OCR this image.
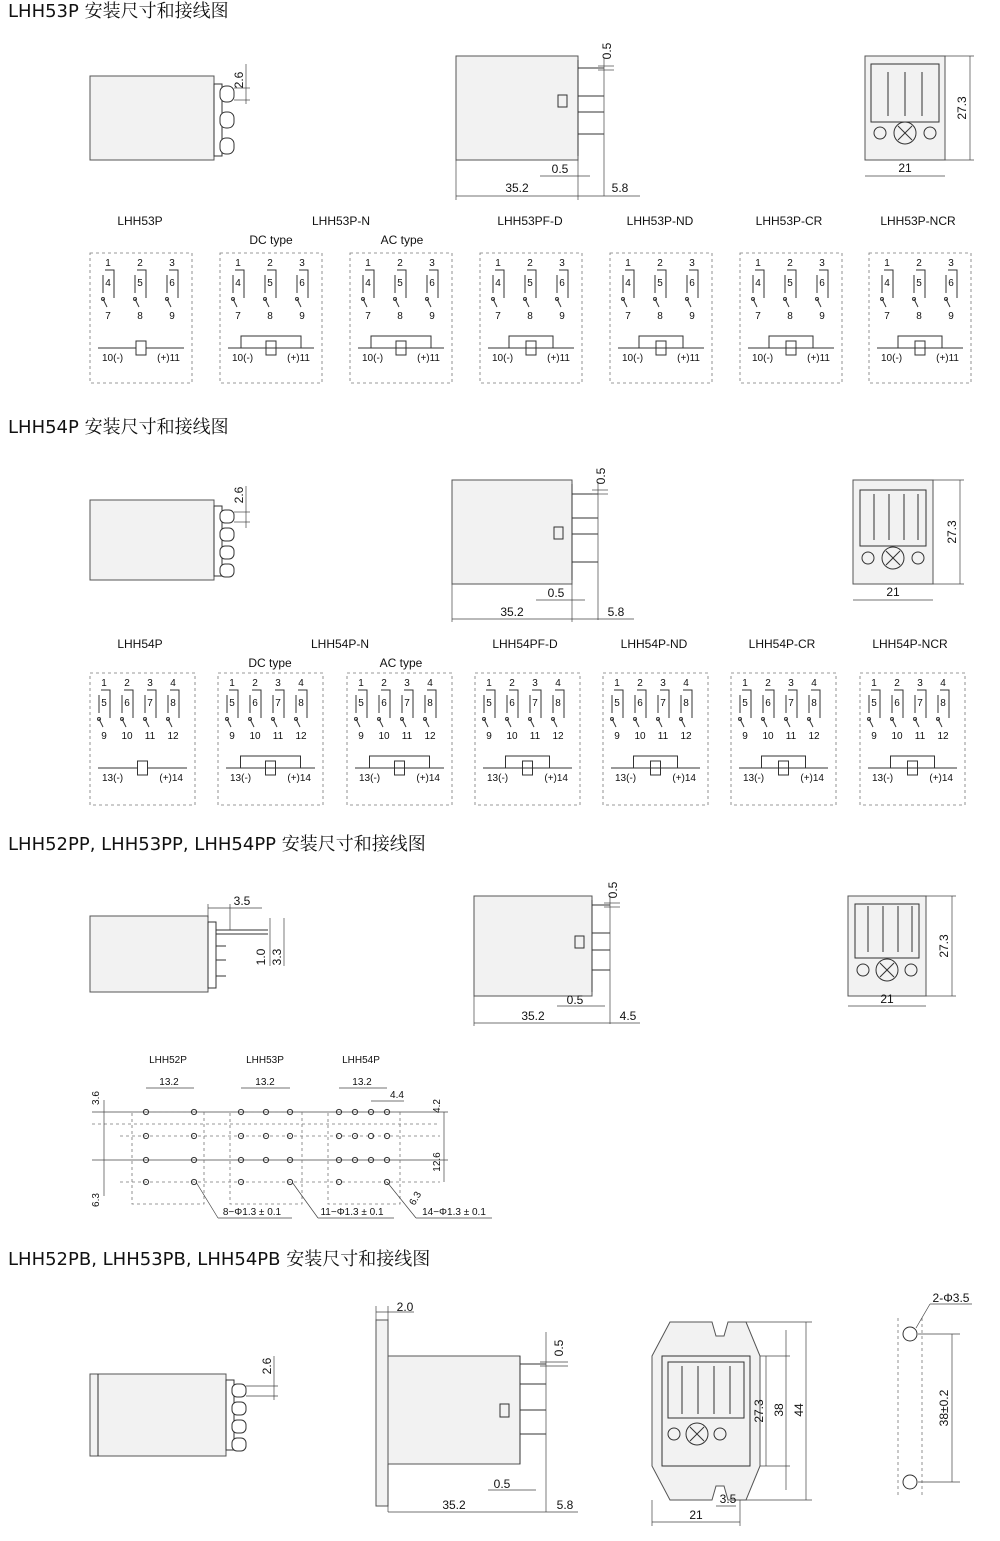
LHH53P 安装尺寸和接线图
2.6
0.5
0.5
35.2	5.8
27.3
21
LHH53P	LHH53P-N
DC type	AC type
LHH53PF-D	LHH53P-ND	LHH53P-CR	LHH53P-NCR
1
4
7
2
5
8
3
6
9
10(-)	(+)11
1
4
7
2
5
8
3
6
9
10(-)	(+)11
1
4
7
2
5
8
3
6
9
10(-)	(+)11
1
4
7
2
5
8
3
6
9
10(-)	(+)11
1
4
7
2
5
8
3
6
9
10(-)	(+)11
1
4
7
2
5
8
3
6
9
10(-)	(+)11
1
4
7
2
5
8
3
6
9
10(-)	(+)11
LHH54P 安装尺寸和接线图
2.6
0.5
0.5
35.2	5.8
27.3
21
LHH54P	LHH54P-N
DC type	AC type
LHH54PF-D	LHH54P-ND	LHH54P-CR	LHH54P-NCR
1
5
9
2
6
10
3
7
11
4
8
12
13(-)	(+)14
1
5
9
2
6
10
3
7
11
4
8
12
13(-)	(+)14
1
5
9
2
6
10
3
7
11
4
8
12
13(-)	(+)14
1
5
9
2
6
10
3
7
11
4
8
12
13(-)	(+)14
1
5
9
2
6
10
3
7
11
4
8
12
13(-)	(+)14
1
5
9
2
6
10
3
7
11
4
8
12
13(-)	(+)14
1
5
9
2
6
10
3
7
11
4
8
12
13(-)	(+)14
LHH52PP, LHH53PP, LHH54PP 安装尺寸和接线图
3.5
1.0 3.3
0.5
0.5
35.2	4.5
27.3
21
LHH52P	LHH53P	LHH54P
13.2	13.2	13.2
4.4
3.6
6.3
4.2
12.6
6.3
8−Φ1.3 ± 0.1	11−Φ1.3 ± 0.1	14−Φ1.3 ± 0.1
LHH52PB, LHH53PB, LHH54PB 安装尺寸和接线图
2.6
2.0
0.5
0.5
35.2	5.8
27.3 38 44
3.5
21
2-Φ3.5
38±0.2
